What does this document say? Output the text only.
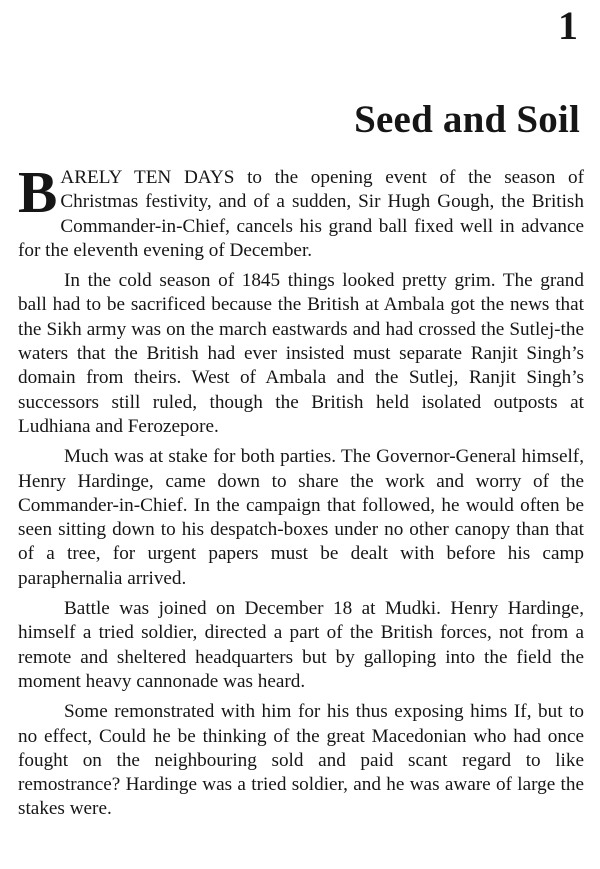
1
Seed and Soil

BARELY TEN DAYS to the opening event of the season of Christmas festivity, and of a sudden, Sir Hugh Gough, the British Commander-in-Chief, cancels his grand ball fixed well in advance for the eleventh evening of December.

In the cold season of 1845 things looked pretty grim. The grand ball had to be sacrificed because the British at Ambala got the news that the Sikh army was on the march eastwards and had crossed the Sutlej-the waters that the British had ever insisted must separate Ranjit Singh’s domain from theirs. West of Ambala and the Sutlej, Ranjit Singh’s successors still ruled, though the British held isolated outposts at Ludhiana and Ferozepore.

Much was at stake for both parties. The Governor-General himself, Henry Hardinge, came down to share the work and worry of the Commander-in-Chief. In the campaign that followed, he would often be seen sitting down to his despatch-boxes under no other canopy than that of a tree, for urgent papers must be dealt with before his camp paraphernalia arrived.

Battle was joined on December 18 at Mudki. Henry Hardinge, himself a tried soldier, directed a part of the British forces, not from a remote and sheltered headquarters but by galloping into the field the moment heavy cannonade was heard.

Some remonstrated with him for his thus exposing hims If, but to no effect, Could he be thinking of the great Macedonian who had once fought on the neighbouring sold and paid scant regard to like remostrance? Hardinge was a tried soldier, and he was aware of large the stakes were.
